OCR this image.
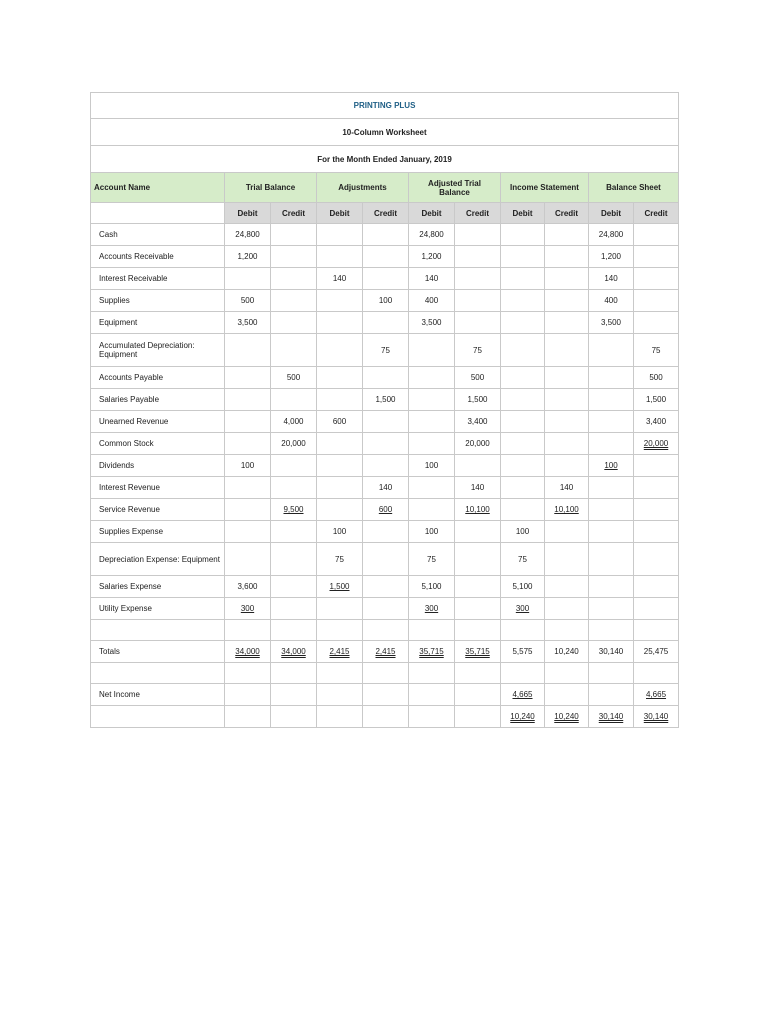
PRINTING PLUS										
10-Column Worksheet										
For the Month Ended January, 2019										
Account Name	Trial Balance		Adjustments		Adjusted Trial Balance		Income Statement		Balance Sheet	
	Debit	Credit	Debit	Credit	Debit	Credit	Debit	Credit	Debit	Credit
Cash	24,800				24,800				24,800	
Accounts Receivable	1,200				1,200				1,200	
Interest Receivable			140		140				140	
Supplies	500			100	400				400	
Equipment	3,500				3,500				3,500	
Accumulated Depreciation: Equipment				75		75				75
Accounts Payable		500				500				500
Salaries Payable				1,500		1,500				1,500
Unearned Revenue		4,000	600			3,400				3,400
Common Stock		20,000				20,000				20,000
Dividends	100				100				100	
Interest Revenue				140		140		140		
Service Revenue		9,500		600		10,100		10,100		
Supplies Expense			100		100		100			
Depreciation Expense: Equipment			75		75		75			
Salaries Expense	3,600		1,500		5,100		5,100			
Utility Expense	300				300		300			

Totals	34,000	34,000	2,415	2,415	35,715	35,715	5,575	10,240	30,140	25,475

Net Income							4,665			4,665
							10,240	10,240	30,140	30,140
